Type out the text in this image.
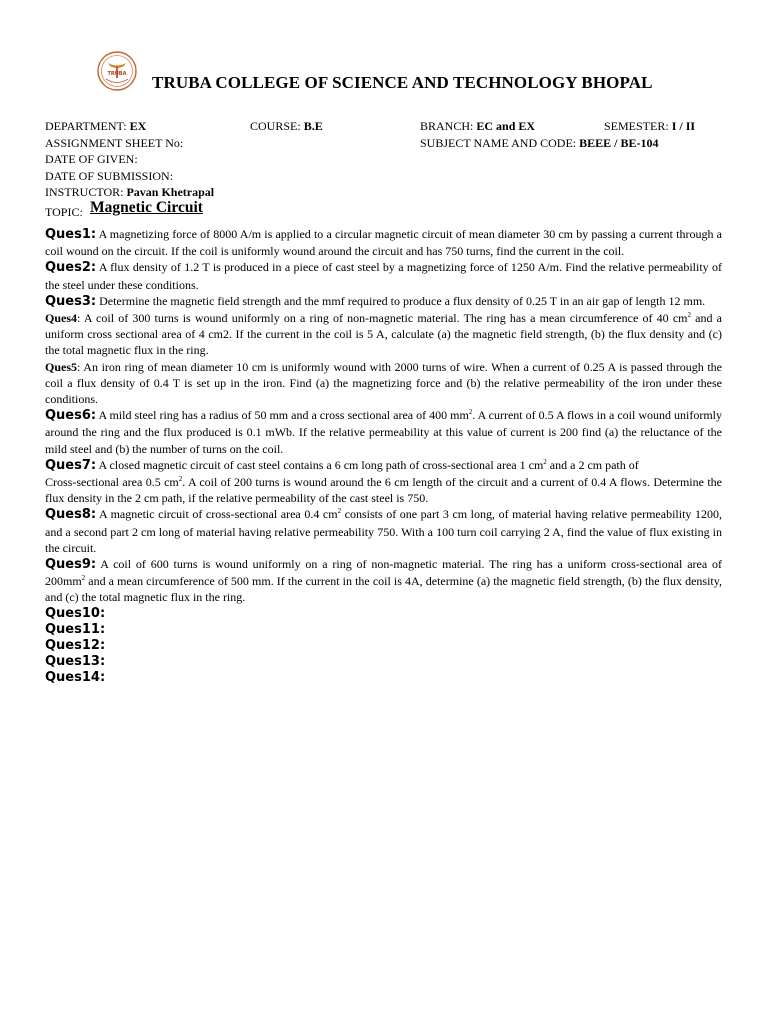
TRUBA TRUBA COLLEGE OF SCIENCE AND TECHNOLOGY BHOPAL
DEPARTMENT: EX	COURSE: B.E	BRANCH: EC and EX	SEMESTER: I / II
ASSIGNMENT SHEET No:	SUBJECT NAME AND CODE: BEEE / BE-104
DATE OF GIVEN:
DATE OF SUBMISSION:
INSTRUCTOR: Pavan Khetrapal
TOPIC: Magnetic Circuit

Ques1: A magnetizing force of 8000 A/m is applied to a circular magnetic circuit of mean diameter 30 cm by passing a current through a coil wound on the circuit. If the coil is uniformly wound around the circuit and has 750 turns, find the current in the coil.

Ques2: A flux density of 1.2 T is produced in a piece of cast steel by a magnetizing force of 1250 A/m. Find the relative permeability of the steel under these conditions.

Ques3: Determine the magnetic field strength and the mmf required to produce a flux density of 0.25 T in an air gap of length 12 mm.

Ques4: A coil of 300 turns is wound uniformly on a ring of non-magnetic material. The ring has a mean circumference of 40 $cm^2$ and a uniform cross sectional area of 4 cm2. If the current in the coil is 5 A, calculate (a) the magnetic field strength, (b) the flux density and (c) the total magnetic flux in the ring.

Ques5: An iron ring of mean diameter 10 cm is uniformly wound with 2000 turns of wire. When a current of 0.25 A is passed through the coil a flux density of 0.4 T is set up in the iron. Find (a) the magnetizing force and (b) the relative permeability of the iron under these conditions.

Ques6: A mild steel ring has a radius of 50 mm and a cross sectional area of 400 $mm^2$. A current of 0.5 A flows in a coil wound uniformly around the ring and the flux produced is 0.1 mWb. If the relative permeability at this value of current is 200 find (a) the reluctance of the mild steel and (b) the number of turns on the coil.

Ques7: A closed magnetic circuit of cast steel contains a 6 cm long path of cross-sectional area 1 $cm^2$ and a 2 cm path of
Cross-sectional area 0.5 $cm^2$. A coil of 200 turns is wound around the 6 cm length of the circuit and a current of 0.4 A flows. Determine the flux density in the 2 cm path, if the relative permeability of the cast steel is 750.

Ques8: A magnetic circuit of cross-sectional area 0.4 $cm^2$ consists of one part 3 cm long, of material having relative permeability 1200, and a second part 2 cm long of material having relative permeability 750. With a 100 turn coil carrying 2 A, find the value of flux existing in the circuit.

Ques9: A coil of 600 turns is wound uniformly on a ring of non-magnetic material. The ring has a uniform cross-sectional area of $200mm^2$ and a mean circumference of 500 mm. If the current in the coil is 4A, determine (a) the magnetic field strength, (b) the flux density, and (c) the total magnetic flux in the ring.

Ques10:

Ques11:

Ques12:

Ques13:

Ques14:
